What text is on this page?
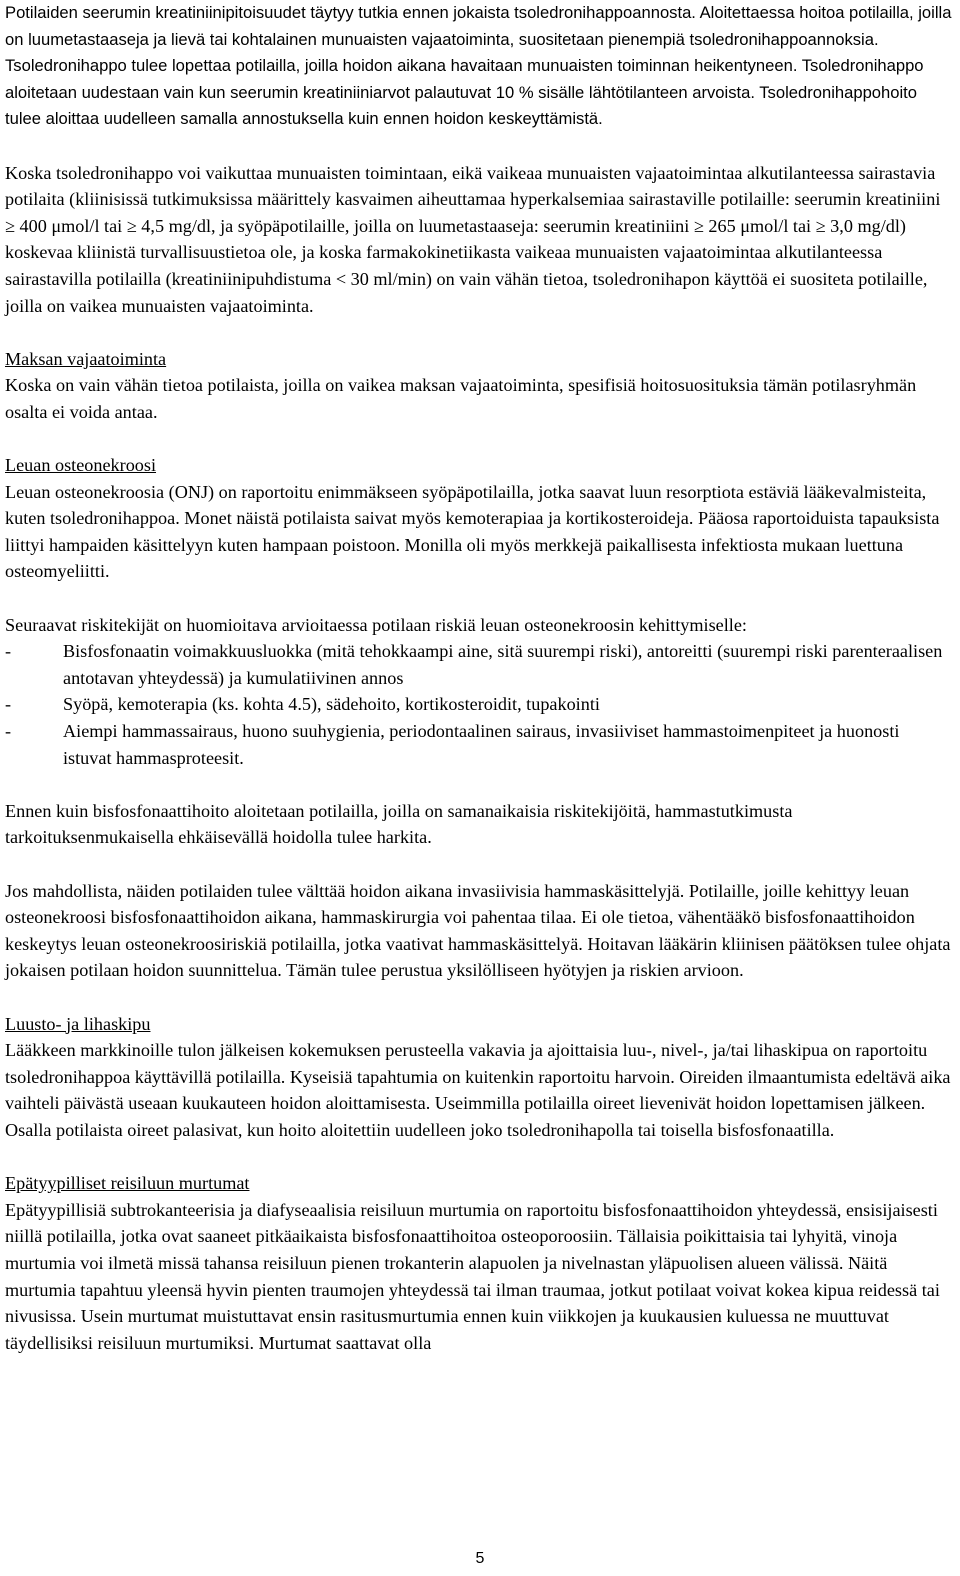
Potilaiden seerumin kreatiniinipitoisuudet täytyy tutkia ennen jokaista tsoledronihappoannosta. Aloitettaessa hoitoa potilailla, joilla on luumetastaaseja ja lievä tai kohtalainen munuaisten vajaatoiminta, suositetaan pienempiä tsoledronihappoannoksia. Tsoledronihappo tulee lopettaa potilailla, joilla hoidon aikana havaitaan munuaisten toiminnan heikentyneen. Tsoledronihappo aloitetaan uudestaan vain kun seerumin kreatiniiniarvot palautuvat 10 % sisälle lähtötilanteen arvoista. Tsoledronihappohoito tulee aloittaa uudelleen samalla annostuksella kuin ennen hoidon keskeyttämistä.

Koska tsoledronihappo voi vaikuttaa munuaisten toimintaan, eikä vaikeaa munuaisten vajaatoimintaa alkutilanteessa sairastavia potilaita (kliinisissä tutkimuksissa määrittely kasvaimen aiheuttamaa hyperkalsemiaa sairastaville potilaille: seerumin kreatiniini ≥ 400 μmol/l tai ≥ 4,5 mg/dl, ja syöpäpotilaille, joilla on luumetastaaseja: seerumin kreatiniini ≥ 265 μmol/l tai ≥ 3,0 mg/dl) koskevaa kliinistä turvallisuustietoa ole, ja koska farmakokinetiikasta vaikeaa munuaisten vajaatoimintaa alkutilanteessa sairastavilla potilailla (kreatiniinipuhdistuma < 30 ml/min) on vain vähän tietoa, tsoledronihapon käyttöä ei suositeta potilaille, joilla on vaikea munuaisten vajaatoiminta.

Maksan vajaatoiminta

Koska on vain vähän tietoa potilaista, joilla on vaikea maksan vajaatoiminta, spesifisiä hoitosuosituksia tämän potilasryhmän osalta ei voida antaa.

Leuan osteonekroosi

Leuan osteonekroosia (ONJ) on raportoitu enimmäkseen syöpäpotilailla, jotka saavat luun resorptiota estäviä lääkevalmisteita, kuten tsoledronihappoa. Monet näistä potilaista saivat myös kemoterapiaa ja kortikosteroideja. Pääosa raportoiduista tapauksista liittyi hampaiden käsittelyyn kuten hampaan poistoon. Monilla oli myös merkkejä paikallisesta infektiosta mukaan luettuna osteomyeliitti.

Seuraavat riskitekijät on huomioitava arvioitaessa potilaan riskiä leuan osteonekroosin kehittymiselle:

-	Bisfosfonaatin voimakkuusluokka (mitä tehokkaampi aine, sitä suurempi riski), antoreitti (suurempi riski parenteraalisen antotavan yhteydessä) ja kumulatiivinen annos
-	Syöpä, kemoterapia (ks. kohta 4.5), sädehoito, kortikosteroidit, tupakointi
-	Aiempi hammassairaus, huono suuhygienia, periodontaalinen sairaus, invasiiviset hammastoimenpiteet ja huonosti istuvat hammasproteesit.

Ennen kuin bisfosfonaattihoito aloitetaan potilailla, joilla on samanaikaisia riskitekijöitä, hammastutkimusta tarkoituksenmukaisella ehkäisevällä hoidolla tulee harkita.

Jos mahdollista, näiden potilaiden tulee välttää hoidon aikana invasiivisia hammaskäsittelyjä. Potilaille, joille kehittyy leuan osteonekroosi bisfosfonaattihoidon aikana, hammaskirurgia voi pahentaa tilaa. Ei ole tietoa, vähentääkö bisfosfonaattihoidon keskeytys leuan osteonekroosiriskiä potilailla, jotka vaativat hammaskäsittelyä. Hoitavan lääkärin kliinisen päätöksen tulee ohjata jokaisen potilaan hoidon suunnittelua. Tämän tulee perustua yksilölliseen hyötyjen ja riskien arvioon.

Luusto- ja lihaskipu

Lääkkeen markkinoille tulon jälkeisen kokemuksen perusteella vakavia ja ajoittaisia luu-, nivel-, ja/tai lihaskipua on raportoitu tsoledronihappoa käyttävillä potilailla. Kyseisiä tapahtumia on kuitenkin raportoitu harvoin. Oireiden ilmaantumista edeltävä aika vaihteli päivästä useaan kuukauteen hoidon aloittamisesta. Useimmilla potilailla oireet lievenivät hoidon lopettamisen jälkeen. Osalla potilaista oireet palasivat, kun hoito aloitettiin uudelleen joko tsoledronihapolla tai toisella bisfosfonaatilla.

Epätyypilliset reisiluun murtumat

Epätyypillisiä subtrokanteerisia ja diafyseaalisia reisiluun murtumia on raportoitu bisfosfonaattihoidon yhteydessä, ensisijaisesti niillä potilailla, jotka ovat saaneet pitkäaikaista bisfosfonaattihoitoa osteoporoosiin. Tällaisia poikittaisia tai lyhyitä, vinoja murtumia voi ilmetä missä tahansa reisiluun pienen trokanterin alapuolen ja nivelnastan yläpuolisen alueen välissä. Näitä murtumia tapahtuu yleensä hyvin pienten traumojen yhteydessä tai ilman traumaa, jotkut potilaat voivat kokea kipua reidessä tai nivusissa. Usein murtumat muistuttavat ensin rasitusmurtumia ennen kuin viikkojen ja kuukausien kuluessa ne muuttuvat täydellisiksi reisiluun murtumiksi. Murtumat saattavat olla

5
